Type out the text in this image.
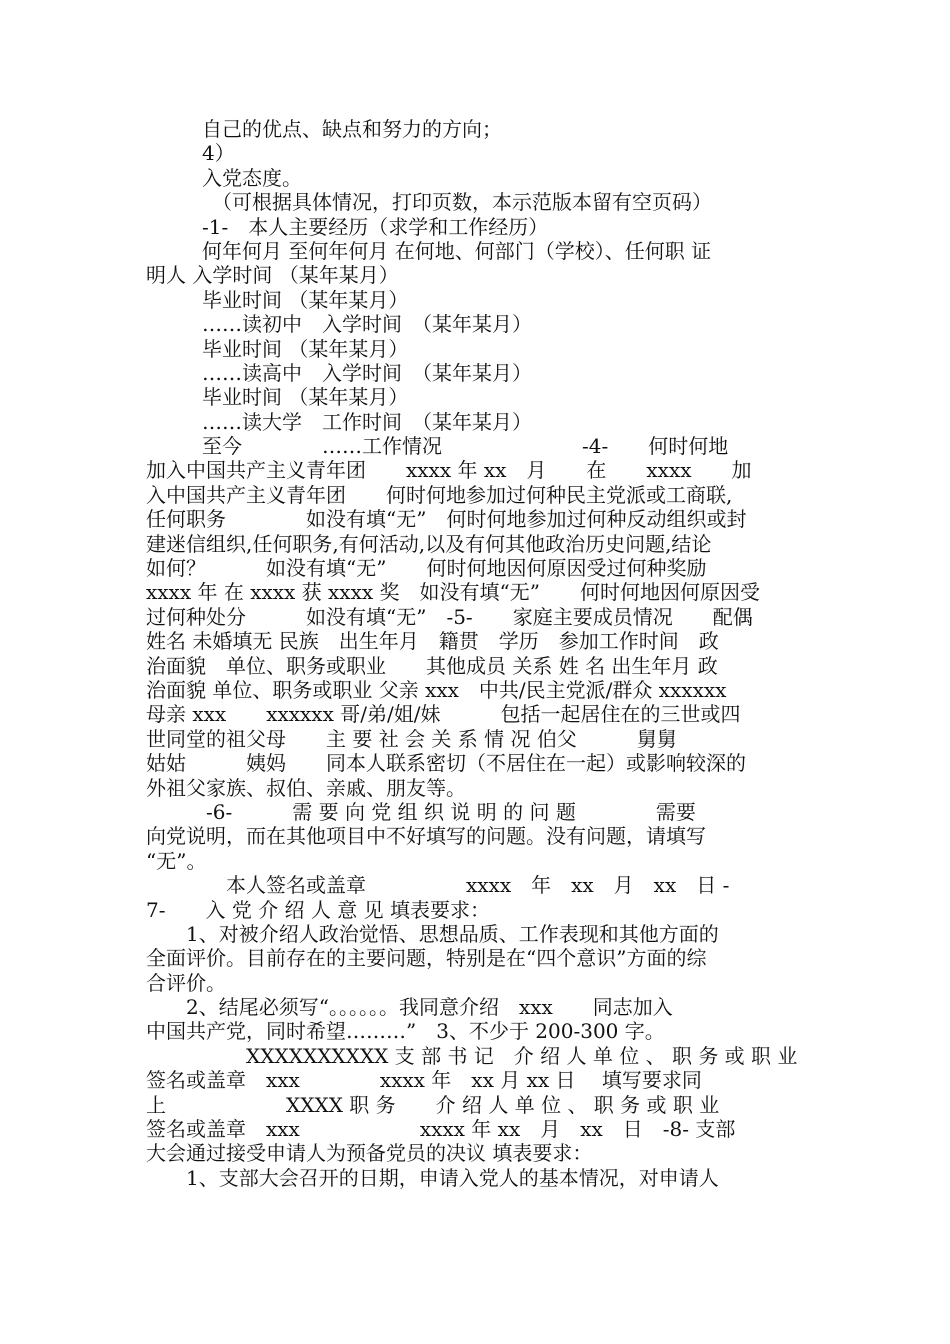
自己的优点、缺点和努力的方向；
4）
入党态度。
　（可根据具体情况，打印页数，本示范版本留有空页码）
-1-　本人主要经历（求学和工作经历）
何年何月 至何年何月 在何地、何部门（学校）、任何职 证
明人 入学时间 （某年某月）
毕业时间 （某年某月）
……读初中　入学时间　（某年某月）
毕业时间 （某年某月）
……读高中　入学时间　（某年某月）
毕业时间 （某年某月）
……读大学　工作时间　（某年某月）
至今　　　　……工作情况　　　　　　　-4-　　何时何地
加入中国共产主义青年团　　xxxx 年 xx　月　　在　　xxxx　　加
入中国共产主义青年团　　何时何地参加过何种民主党派或工商联,
任何职务　　　　如没有填“无”　何时何地参加过何种反动组织或封
建迷信组织,任何职务,有何活动,以及有何其他政治历史问题,结论
如何？　　　如没有填“无”　　何时何地因何原因受过何种奖励
xxxx 年 在 xxxx 获 xxxx 奖　如没有填“无”　　何时何地因何原因受
过何种处分　　　如没有填“无”　-5-　　家庭主要成员情况　　配偶
姓名 未婚填无 民族　出生年月　籍贯　学历　参加工作时间　政
治面貌　单位、职务或职业　　其他成员 关系 姓 名 出生年月 政
治面貌 单位、职务或职业 父亲 xxx　中共/民主党派/群众 xxxxxx
母亲 xxx　　xxxxxx 哥/弟/姐/妹　　　包括一起居住在的三世或四
世同堂的祖父母　　主 要 社 会 关 系 情 况 伯父　　　舅舅
姑姑　　　姨妈　　同本人联系密切（不居住在一起）或影响较深的
外祖父家族、叔伯、亲戚、朋友等。
　　　-6-　　　需 要 向 党 组 织 说 明 的 问 题　　　　需要
向党说明，而在其他项目中不好填写的问题。没有问题，请填写
“无”。
　　　　本人签名或盖章　　　　　xxxx　年　xx　月　xx　日 -
7-　　入 党 介 绍 人 意 见 填表要求：
　　1、对被介绍人政治觉悟、思想品质、工作表现和其他方面的
全面评价。目前存在的主要问题，特别是在“四个意识”方面的综
合评价。
　　2、结尾必须写“。。。。。。我同意介绍　xxx　　同志加入
中国共产党，同时希望………”　3、不少于 200-300 字。
　　　　　XXXXXXXXXX 支 部 书 记　介 绍 人 单 位 、 职 务 或 职 业
签名或盖章　xxx　　　　xxxx 年　xx 月 xx 日　 填写要求同
上　　　　　　XXXX 职 务　　介 绍 人 单 位 、 职 务 或 职 业
签名或盖章　xxx　　　　　　xxxx 年 xx　月　xx　日　-8- 支部
大会通过接受申请人为预备党员的决议 填表要求：
　　1、支部大会召开的日期，申请入党人的基本情况，对申请人
